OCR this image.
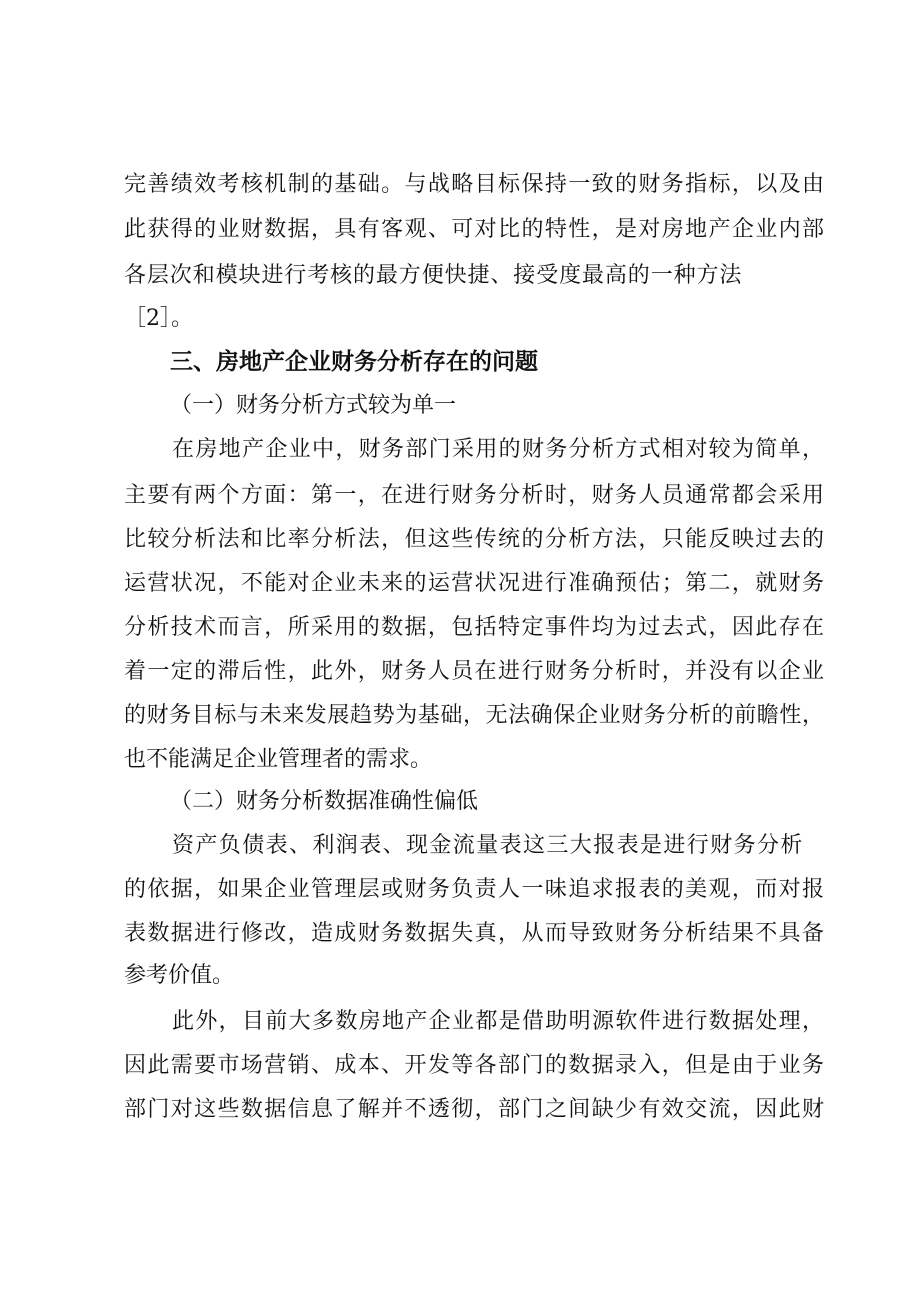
完善绩效考核机制的基础。与战略目标保持一致的财务指标，以及由
此获得的业财数据，具有客观、可对比的特性，是对房地产企业内部
各层次和模块进行考核的最方便快捷、接受度最高的一种方法
［2］。
三、房地产企业财务分析存在的问题
（一）财务分析方式较为单一
在房地产企业中，财务部门采用的财务分析方式相对较为简单，
主要有两个方面：第一，在进行财务分析时，财务人员通常都会采用
比较分析法和比率分析法，但这些传统的分析方法，只能反映过去的
运营状况，不能对企业未来的运营状况进行准确预估；第二，就财务
分析技术而言，所采用的数据，包括特定事件均为过去式，因此存在
着一定的滞后性，此外，财务人员在进行财务分析时，并没有以企业
的财务目标与未来发展趋势为基础，无法确保企业财务分析的前瞻性，
也不能满足企业管理者的需求。
（二）财务分析数据准确性偏低
资产负债表、利润表、现金流量表这三大报表是进行财务分析
的依据，如果企业管理层或财务负责人一味追求报表的美观，而对报
表数据进行修改，造成财务数据失真，从而导致财务分析结果不具备
参考价值。
此外，目前大多数房地产企业都是借助明源软件进行数据处理，
因此需要市场营销、成本、开发等各部门的数据录入，但是由于业务
部门对这些数据信息了解并不透彻，部门之间缺少有效交流，因此财
